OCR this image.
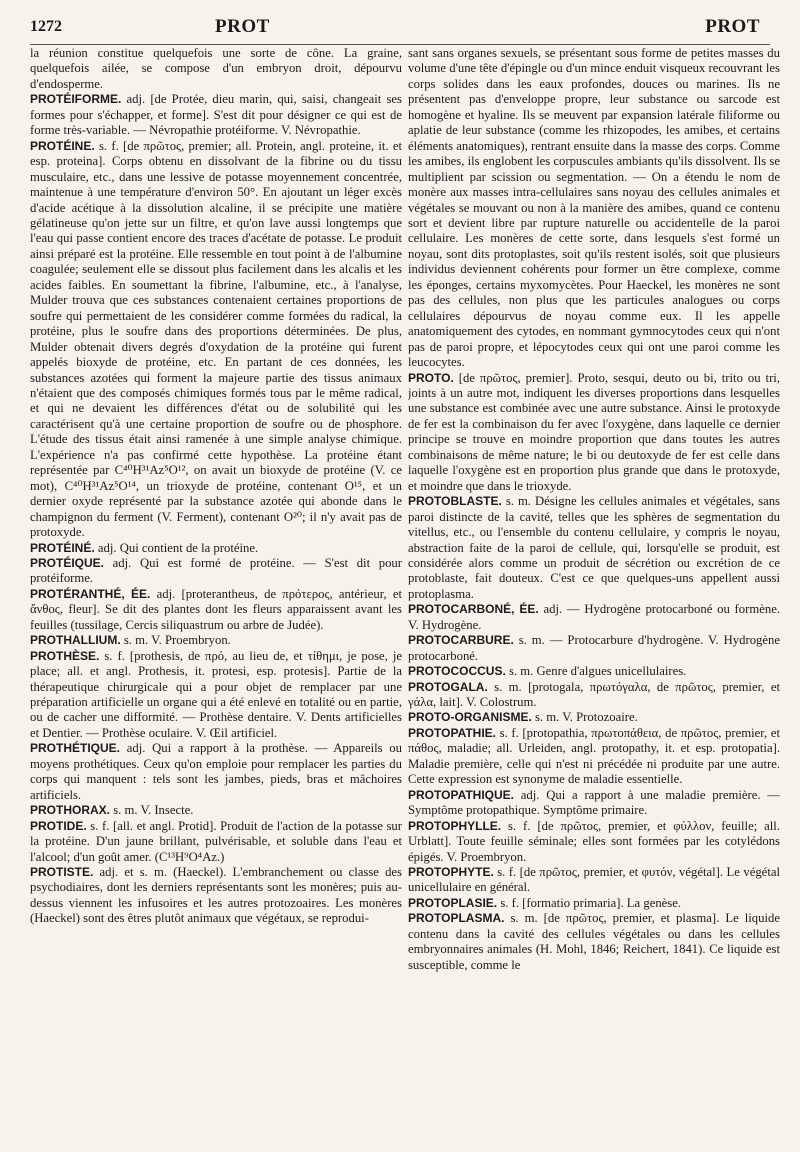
1272	PROT	PROT

la réunion constitue quelquefois une sorte de cône. La graine, quelquefois ailée, se compose d'un embryon droit, dépourvu d'endosperme.

PROTÉIFORME. adj. [de Protée, dieu marin, qui, saisi, changeait ses formes pour s'échapper, et forme]. S'est dit pour désigner ce qui est de forme très-variable. — Névropathie protéiforme. V. Névropathie.

PROTÉINE. s. f. [de πρῶτος, premier; all. Protein, angl. proteine, it. et esp. proteina]. Corps obtenu en dissolvant de la fibrine ou du tissu musculaire, etc., dans une lessive de potasse moyennement concentrée, maintenue à une température d'environ 50°. En ajoutant un léger excès d'acide acétique à la dissolution alcaline, il se précipite une matière gélatineuse qu'on jette sur un filtre, et qu'on lave aussi longtemps que l'eau qui passe contient encore des traces d'acétate de potasse. Le produit ainsi préparé est la protéine. Elle ressemble en tout point à de l'albumine coagulée; seulement elle se dissout plus facilement dans les alcalis et les acides faibles. En soumettant la fibrine, l'albumine, etc., à l'analyse, Mulder trouva que ces substances contenaient certaines proportions de soufre qui permettaient de les considérer comme formées du radical, la protéine, plus le soufre dans des proportions déterminées. De plus, Mulder obtenait divers degrés d'oxydation de la protéine qui furent appelés bioxyde de protéine, etc. En partant de ces données, les substances azotées qui forment la majeure partie des tissus animaux n'étaient que des composés chimiques formés tous par le même radical, et qui ne devaient les différences d'état ou de solubilité qui les caractérisent qu'à une certaine proportion de soufre ou de phosphore. L'étude des tissus était ainsi ramenée à une simple analyse chimique. L'expérience n'a pas confirmé cette hypothèse. La protéine étant représentée par C⁴⁰H³¹Az⁵O¹², on avait un bioxyde de protéine (V. ce mot), C⁴⁰H³¹Az⁵O¹⁴, un trioxyde de protéine, contenant O¹⁵, et un dernier oxyde représenté par la substance azotée qui abonde dans le champignon du ferment (V. Ferment), contenant O²⁰; il n'y avait pas de protoxyde.

PROTÉINÉ. adj. Qui contient de la protéine.

PROTÉIQUE. adj. Qui est formé de protéine. — S'est dit pour protéiforme.

PROTÉRANTHÉ, ÉE. adj. [proterantheus, de πρότερος, antérieur, et ἄνθος, fleur]. Se dit des plantes dont les fleurs apparaissent avant les feuilles (tussilage, Cercis siliquastrum ou arbre de Judée).

PROTHALLIUM. s. m. V. Proembryon.

PROTHÈSE. s. f. [prothesis, de πρό, au lieu de, et τίθημι, je pose, je place; all. et angl. Prothesis, it. protesi, esp. protesis]. Partie de la thérapeutique chirurgicale qui a pour objet de remplacer par une préparation artificielle un organe qui a été enlevé en totalité ou en partie, ou de cacher une difformité. — Prothèse dentaire. V. Dents artificielles et Dentier. — Prothèse oculaire. V. Œil artificiel.

PROTHÉTIQUE. adj. Qui a rapport à la prothèse. — Appareils ou moyens prothétiques. Ceux qu'on emploie pour remplacer les parties du corps qui manquent : tels sont les jambes, pieds, bras et mâchoires artificiels.

PROTHORAX. s. m. V. Insecte.

PROTIDE. s. f. [all. et angl. Protid]. Produit de l'action de la potasse sur la protéine. D'un jaune brillant, pulvérisable, et soluble dans l'eau et l'alcool; d'un goût amer. (C¹³H⁹O⁴Az.)

PROTISTE. adj. et s. m. (Haeckel). L'embranchement ou classe des psychodiaires, dont les derniers représentants sont les monères; puis au-dessus viennent les infusoires et les autres protozoaires. Les monères (Haeckel) sont des êtres plutôt animaux que végétaux, se reprodui-

sant sans organes sexuels, se présentant sous forme de petites masses du volume d'une tête d'épingle ou d'un mince enduit visqueux recouvrant les corps solides dans les eaux profondes, douces ou marines. Ils ne présentent pas d'enveloppe propre, leur substance ou sarcode est homogène et hyaline. Ils se meuvent par expansion latérale filiforme ou aplatie de leur substance (comme les rhizopodes, les amibes, et certains éléments anatomiques), rentrant ensuite dans la masse des corps. Comme les amibes, ils englobent les corpuscules ambiants qu'ils dissolvent. Ils se multiplient par scission ou segmentation. — On a étendu le nom de monère aux masses intra-cellulaires sans noyau des cellules animales et végétales se mouvant ou non à la manière des amibes, quand ce contenu sort et devient libre par rupture naturelle ou accidentelle de la paroi cellulaire. Les monères de cette sorte, dans lesquels s'est formé un noyau, sont dits protoplastes, soit qu'ils restent isolés, soit que plusieurs individus deviennent cohérents pour former un être complexe, comme les éponges, certains myxomycètes. Pour Haeckel, les monères ne sont pas des cellules, non plus que les particules analogues ou corps cellulaires dépourvus de noyau comme eux. Il les appelle anatomiquement des cytodes, en nommant gymnocytodes ceux qui n'ont pas de paroi propre, et lépocytodes ceux qui ont une paroi comme les leucocytes.

PROTO. [de πρῶτος, premier]. Proto, sesqui, deuto ou bi, trito ou tri, joints à un autre mot, indiquent les diverses proportions dans lesquelles une substance est combinée avec une autre substance. Ainsi le protoxyde de fer est la combinaison du fer avec l'oxygène, dans laquelle ce dernier principe se trouve en moindre proportion que dans toutes les autres combinaisons de même nature; le bi ou deutoxyde de fer est celle dans laquelle l'oxygène est en proportion plus grande que dans le protoxyde, et moindre que dans le trioxyde.

PROTOBLASTE. s. m. Désigne les cellules animales et végétales, sans paroi distincte de la cavité, telles que les sphères de segmentation du vitellus, etc., ou l'ensemble du contenu cellulaire, y compris le noyau, abstraction faite de la paroi de cellule, qui, lorsqu'elle se produit, est considérée alors comme un produit de sécrétion ou excrétion de ce protoblaste, fait douteux. C'est ce que quelques-uns appellent aussi protoplasma.

PROTOCARBONÉ, ÉE. adj. — Hydrogène protocarboné ou formène. V. Hydrogène.

PROTOCARBURE. s. m. — Protocarbure d'hydrogène. V. Hydrogène protocarboné.

PROTOCOCCUS. s. m. Genre d'algues unicellulaires.

PROTOGALA. s. m. [protogala, πρωτόγαλα, de πρῶτος, premier, et γάλα, lait]. V. Colostrum.

PROTO-ORGANISME. s. m. V. Protozoaire.

PROTOPATHIE. s. f. [protopathia, πρωτοπάθεια, de πρῶτος, premier, et πάθος, maladie; all. Urleiden, angl. protopathy, it. et esp. protopatia]. Maladie première, celle qui n'est ni précédée ni produite par une autre. Cette expression est synonyme de maladie essentielle.

PROTOPATHIQUE. adj. Qui a rapport à une maladie première. — Symptôme protopathique. Symptôme primaire.

PROTOPHYLLE. s. f. [de πρῶτος, premier, et φύλλον, feuille; all. Urblatt]. Toute feuille séminale; elles sont formées par les cotylédons épigés. V. Proembryon.

PROTOPHYTE. s. f. [de πρῶτος, premier, et φυτόν, végétal]. Le végétal unicellulaire en général.

PROTOPLASIE. s. f. [formatio primaria]. La genèse.

PROTOPLASMA. s. m. [de πρῶτος, premier, et plasma]. Le liquide contenu dans la cavité des cellules végétales ou dans les cellules embryonnaires animales (H. Mohl, 1846; Reichert, 1841). Ce liquide est susceptible, comme le
